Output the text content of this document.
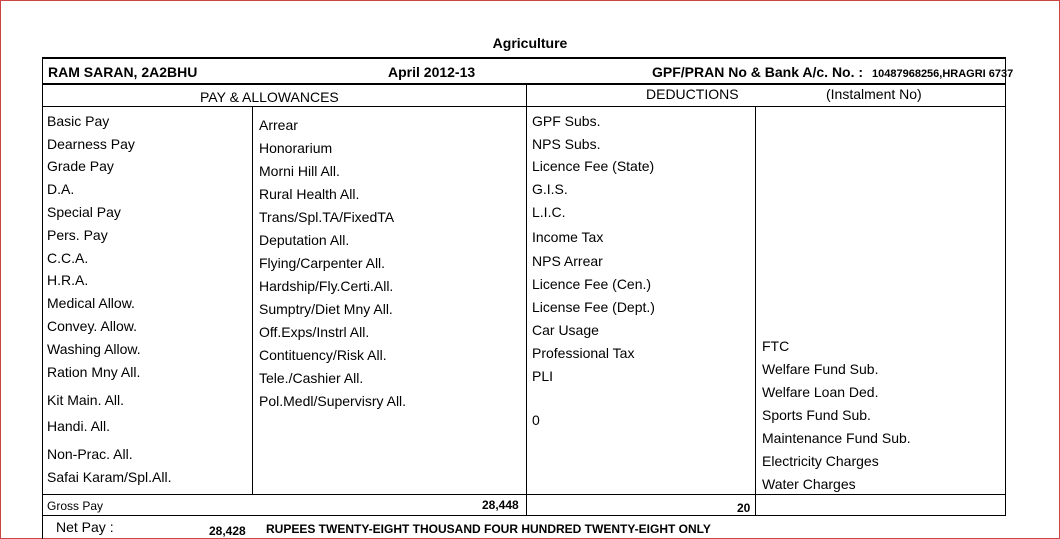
Agriculture
RAM SARAN, 2A2BHU	April 2012-13	GPF/PRAN No & Bank A/c. No. : 10487968256,HRAGRI 6737
PAY & ALLOWANCES	DEDUCTIONS	(Instalment No)
Basic Pay
Dearness Pay
Grade Pay
D.A.
Special Pay
Pers. Pay
C.C.A.
H.R.A.
Medical Allow.
Convey. Allow.
Washing Allow.
Ration Mny All.
Kit Main. All.
Handi. All.
Non-Prac. All.
Safai Karam/Spl.All.
Arrear
Honorarium
Morni Hill All.
Rural Health All.
Trans/Spl.TA/FixedTA
Deputation All.
Flying/Carpenter All.
Hardship/Fly.Certi.All.
Sumptry/Diet Mny All.
Off.Exps/Instrl All.
Contituency/Risk All.
Tele./Cashier All.
Pol.Medl/Supervisry All.
GPF Subs.
NPS Subs.
Licence Fee (State)
G.I.S.
L.I.C.
Income Tax
NPS Arrear
Licence Fee (Cen.)
License Fee (Dept.)
Car Usage
Professional Tax
PLI
0
FTC
Welfare Fund Sub.
Welfare Loan Ded.
Sports Fund Sub.
Maintenance Fund Sub.
Electricity Charges
Water Charges
Gross Pay	28,448	20
Net Pay :	28,428 RUPEES TWENTY-EIGHT THOUSAND FOUR HUNDRED TWENTY-EIGHT ONLY
